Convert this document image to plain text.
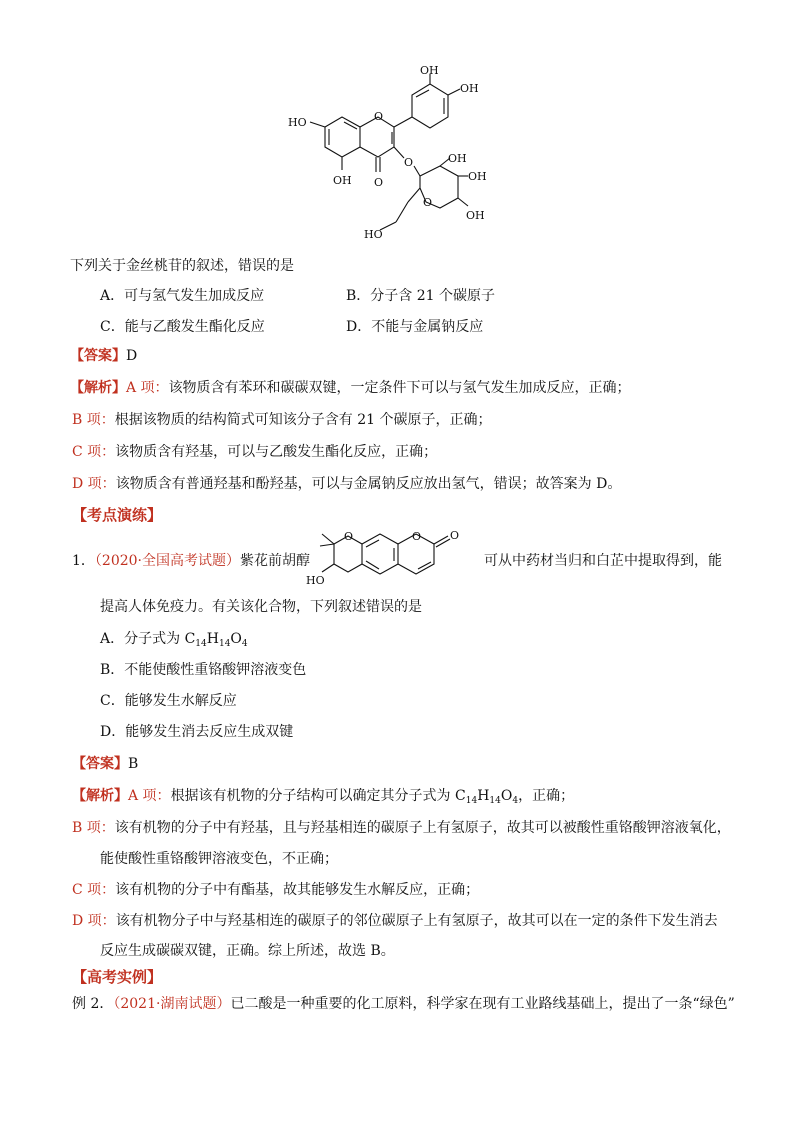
OH
OH
HO
OH O
O
O
O
OH
OH
OH
HO
下列关于金丝桃苷的叙述，错误的是
A．可与氢气发生加成反应	B．分子含 21 个碳原子
C．能与乙酸发生酯化反应	D．不能与金属钠反应
【答案】D
【解析】A 项：该物质含有苯环和碳碳双键，一定条件下可以与氢气发生加成反应，正确；
B 项：根据该物质的结构简式可知该分子含有 21 个碳原子，正确；
C 项：该物质含有羟基，可以与乙酸发生酯化反应，正确；
D 项：该物质含有普通羟基和酚羟基，可以与金属钠反应放出氢气，错误；故答案为 D。
【考点演练】
1．（2020·全国高考试题）紫花前胡醇
O	O	O
HO
可从中药材当归和白芷中提取得到，能
提高人体免疫力。有关该化合物，下列叙述错误的是
A．分子式为 $C_{14}H_{14}O_4$
B．不能使酸性重铬酸钾溶液变色
C．能够发生水解反应
D．能够发生消去反应生成双键
【答案】B
【解析】A 项：根据该有机物的分子结构可以确定其分子式为 $C_{14}H_{14}O_4$，正确；
B 项：该有机物的分子中有羟基，且与羟基相连的碳原子上有氢原子，故其可以被酸性重铬酸钾溶液氧化，
能使酸性重铬酸钾溶液变色，不正确；
C 项：该有机物的分子中有酯基，故其能够发生水解反应，正确；
D 项：该有机物分子中与羟基相连的碳原子的邻位碳原子上有氢原子，故其可以在一定的条件下发生消去
反应生成碳碳双键，正确。综上所述，故选 B。
【高考实例】
例 2．（2021·湖南试题）已二酸是一种重要的化工原料，科学家在现有工业路线基础上，提出了一条“绿色”
